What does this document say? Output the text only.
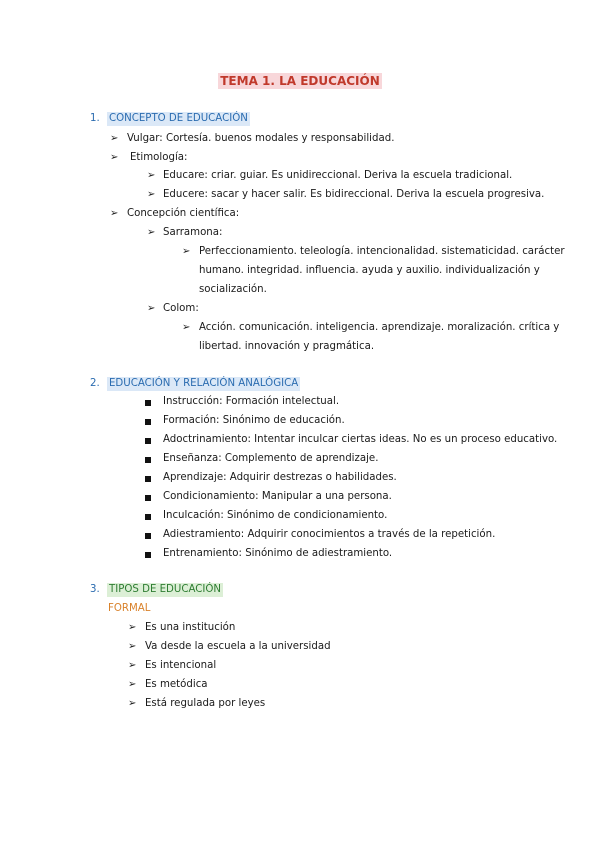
TEMA 1. LA EDUCACIÓN
1. CONCEPTO DE EDUCACIÓN
➢ Vulgar: Cortesía. buenos modales y responsabilidad.
➢ Etimología:
➢ Educare: criar. guiar. Es unidireccional. Deriva la escuela tradicional.
➢ Educere: sacar y hacer salir. Es bidireccional. Deriva la escuela progresiva.
➢ Concepción científica:
➢ Sarramona:
➢ Perfeccionamiento. teleología. intencionalidad. sistematicidad. carácter
humano. integridad. influencia. ayuda y auxilio. individualización y
socialización.
➢ Colom:
➢ Acción. comunicación. inteligencia. aprendizaje. moralización. crítica y
libertad. innovación y pragmática.
2. EDUCACIÓN Y RELACIÓN ANALÓGICA
Instrucción: Formación intelectual.
Formación: Sinónimo de educación.
Adoctrinamiento: Intentar inculcar ciertas ideas. No es un proceso educativo.
Enseñanza: Complemento de aprendizaje.
Aprendizaje: Adquirir destrezas o habilidades.
Condicionamiento: Manipular a una persona.
Inculcación: Sinónimo de condicionamiento.
Adiestramiento: Adquirir conocimientos a través de la repetición.
Entrenamiento: Sinónimo de adiestramiento.
3. TIPOS DE EDUCACIÓN
FORMAL
➢ Es una institución
➢ Va desde la escuela a la universidad
➢ Es intencional
➢ Es metódica
➢ Está regulada por leyes
